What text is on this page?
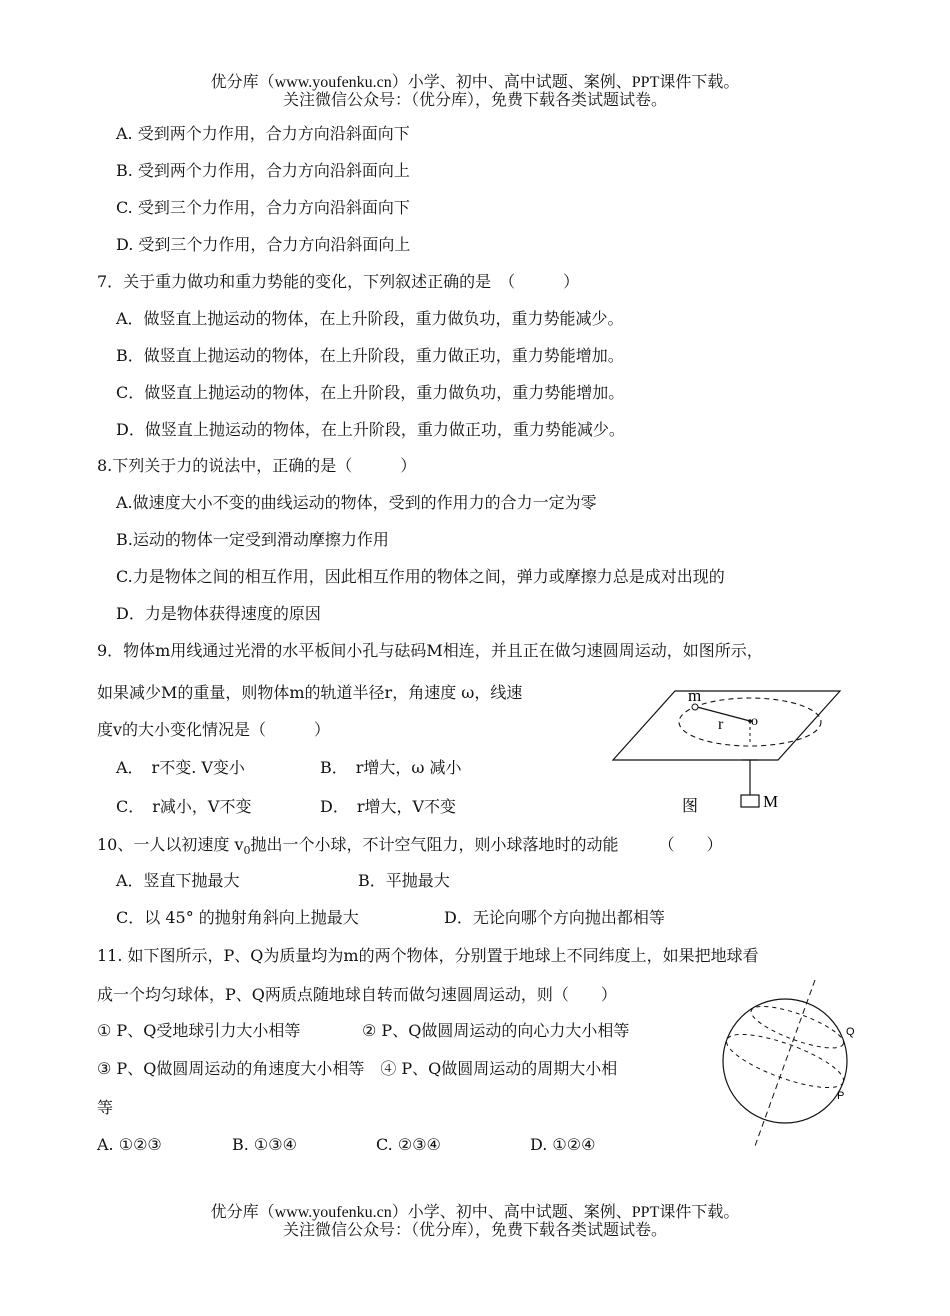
优分库（www.youfenku.cn）小学、初中、高中试题、案例、PPT课件下载。
关注微信公众号：（优分库），免费下载各类试题试卷。
A. 受到两个力作用，合力方向沿斜面向下
B. 受到两个力作用，合力方向沿斜面向上
C. 受到三个力作用，合力方向沿斜面向下
D. 受到三个力作用，合力方向沿斜面向上
7．关于重力做功和重力势能的变化，下列叙述正确的是　（　　　）
A．做竖直上抛运动的物体，在上升阶段，重力做负功，重力势能减少。
B．做竖直上抛运动的物体，在上升阶段，重力做正功，重力势能增加。
C．做竖直上抛运动的物体，在上升阶段，重力做负功，重力势能增加。
D．做竖直上抛运动的物体，在上升阶段，重力做正功，重力势能减少。
8.下列关于力的说法中，正确的是（　　　）
A.做速度大小不变的曲线运动的物体，受到的作用力的合力一定为零
B.运动的物体一定受到滑动摩擦力作用
C.力是物体之间的相互作用，因此相互作用的物体之间，弹力或摩擦力总是成对出现的
D．力是物体获得速度的原因
9．物体m用线通过光滑的水平板间小孔与砝码M相连，并且正在做匀速圆周运动，如图所示，
如果减少M的重量，则物体m的轨道半径r，角速度 ω，线速
度v的大小变化情况是（　　　）
A．　r不变. V变小	B．　r增大，ω 减小
C．　r减小，V不变	D．　r增大，V不变
m
r o
M
图
10、一人以初速度 $v_0$抛出一个小球，不计空气阻力，则小球落地时的动能　　　（　　）
A．竖直下抛最大	B．平抛最大
C．以 45° 的抛射角斜向上抛最大	D．无论向哪个方向抛出都相等
11. 如下图所示，P、Q为质量均为m的两个物体，分别置于地球上不同纬度上，如果把地球看
成一个均匀球体，P、Q两质点随地球自转而做匀速圆周运动，则（　　）
① P、Q受地球引力大小相等	② P、Q做圆周运动的向心力大小相等
③ P、Q做圆周运动的角速度大小相等　④ P、Q做圆周运动的周期大小相
等
A. ①②③	B. ①③④	C. ②③④	D. ①②④
Q
P
优分库（www.youfenku.cn）小学、初中、高中试题、案例、PPT课件下载。
关注微信公众号：（优分库），免费下载各类试题试卷。
